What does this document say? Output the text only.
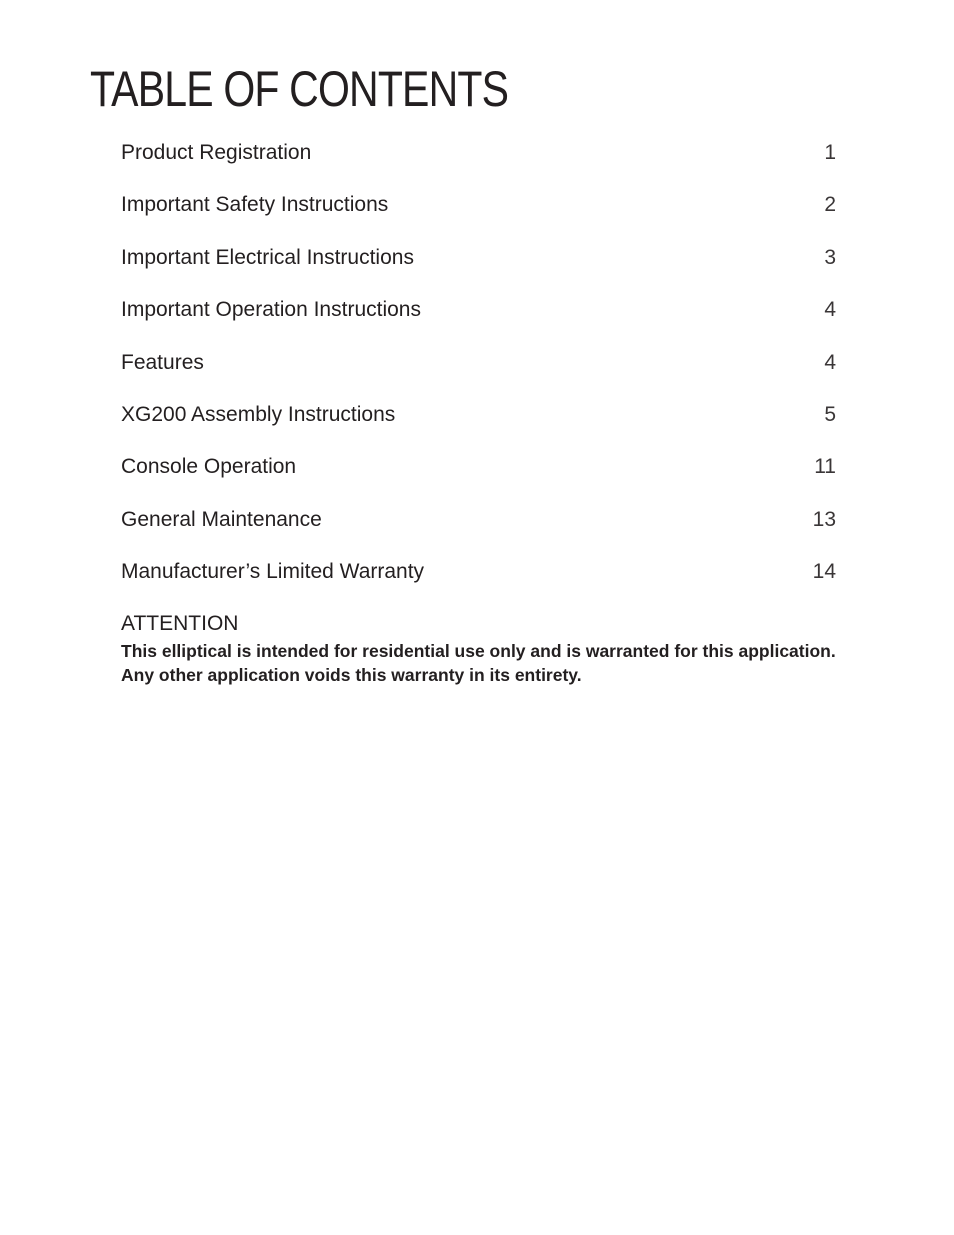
TABLE OF CONTENTS
Product Registration	1
Important Safety Instructions	2
Important Electrical Instructions	3
Important Operation Instructions	4
Features	4
XG200 Assembly Instructions	5
Console Operation	11
General Maintenance	13
Manufacturer’s Limited Warranty	14
ATTENTION

This elliptical is intended for residential use only and is warranted for this application.
Any other application voids this warranty in its entirety.
